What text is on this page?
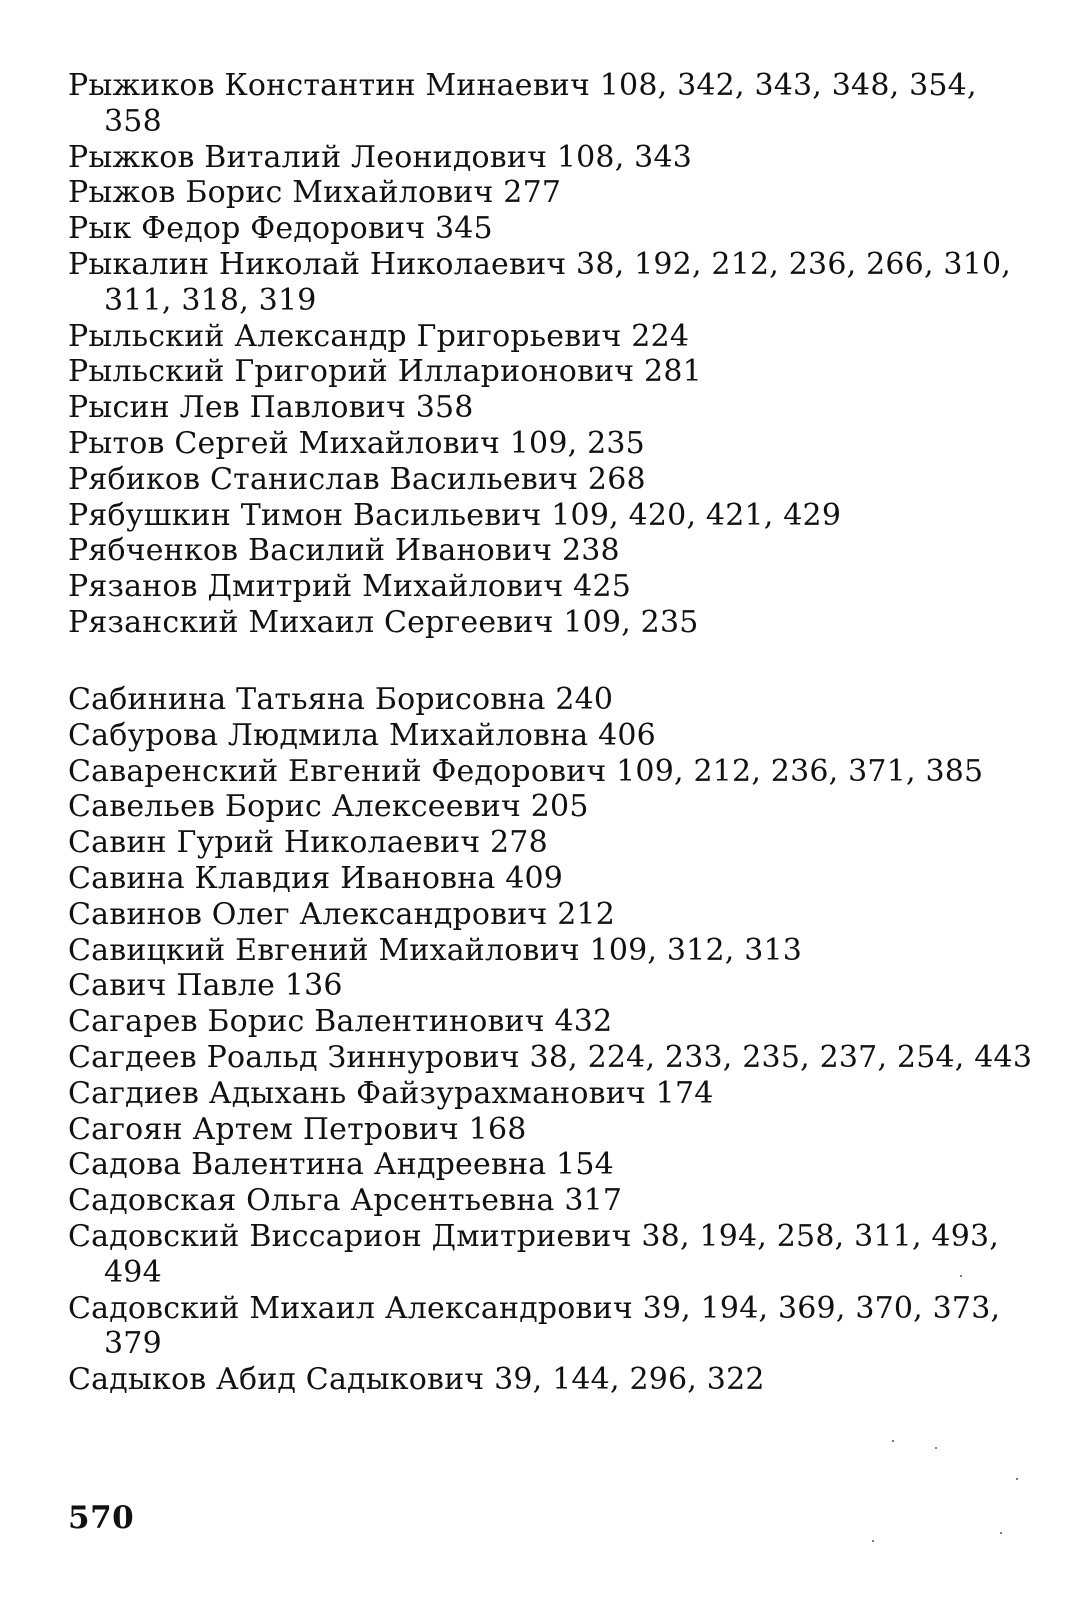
Рыжиков Константин Минаевич 108, 342, 343, 348, 354, 358

Рыжков Виталий Леонидович 108, 343

Рыжов Борис Михайлович 277

Рык Федор Федорович 345

Рыкалин Николай Николаевич 38, 192, 212, 236, 266, 310, 311, 318, 319

Рыльский Александр Григорьевич 224

Рыльский Григорий Илларионович 281

Рысин Лев Павлович 358

Рытов Сергей Михайлович 109, 235

Рябиков Станислав Васильевич 268

Рябушкин Тимон Васильевич 109, 420, 421, 429

Рябченков Василий Иванович 238

Рязанов Дмитрий Михайлович 425

Рязанский Михаил Сергеевич 109, 235

Сабинина Татьяна Борисовна 240

Сабурова Людмила Михайловна 406

Саваренский Евгений Федорович 109, 212, 236, 371, 385

Савельев Борис Алексеевич 205

Савин Гурий Николаевич 278

Савина Клавдия Ивановна 409

Савинов Олег Александрович 212

Савицкий Евгений Михайлович 109, 312, 313

Савич Павле 136

Сагарев Борис Валентинович 432

Сагдеев Роальд Зиннурович 38, 224, 233, 235, 237, 254, 443

Сагдиев Адыхань Файзурахманович 174

Сагоян Артем Петрович 168

Садова Валентина Андреевна 154

Садовская Ольга Арсентьевна 317

Садовский Виссарион Дмитриевич 38, 194, 258, 311, 493, 494

Садовский Михаил Александрович 39, 194, 369, 370, 373, 379

Садыков Абид Садыкович 39, 144, 296, 322

570
